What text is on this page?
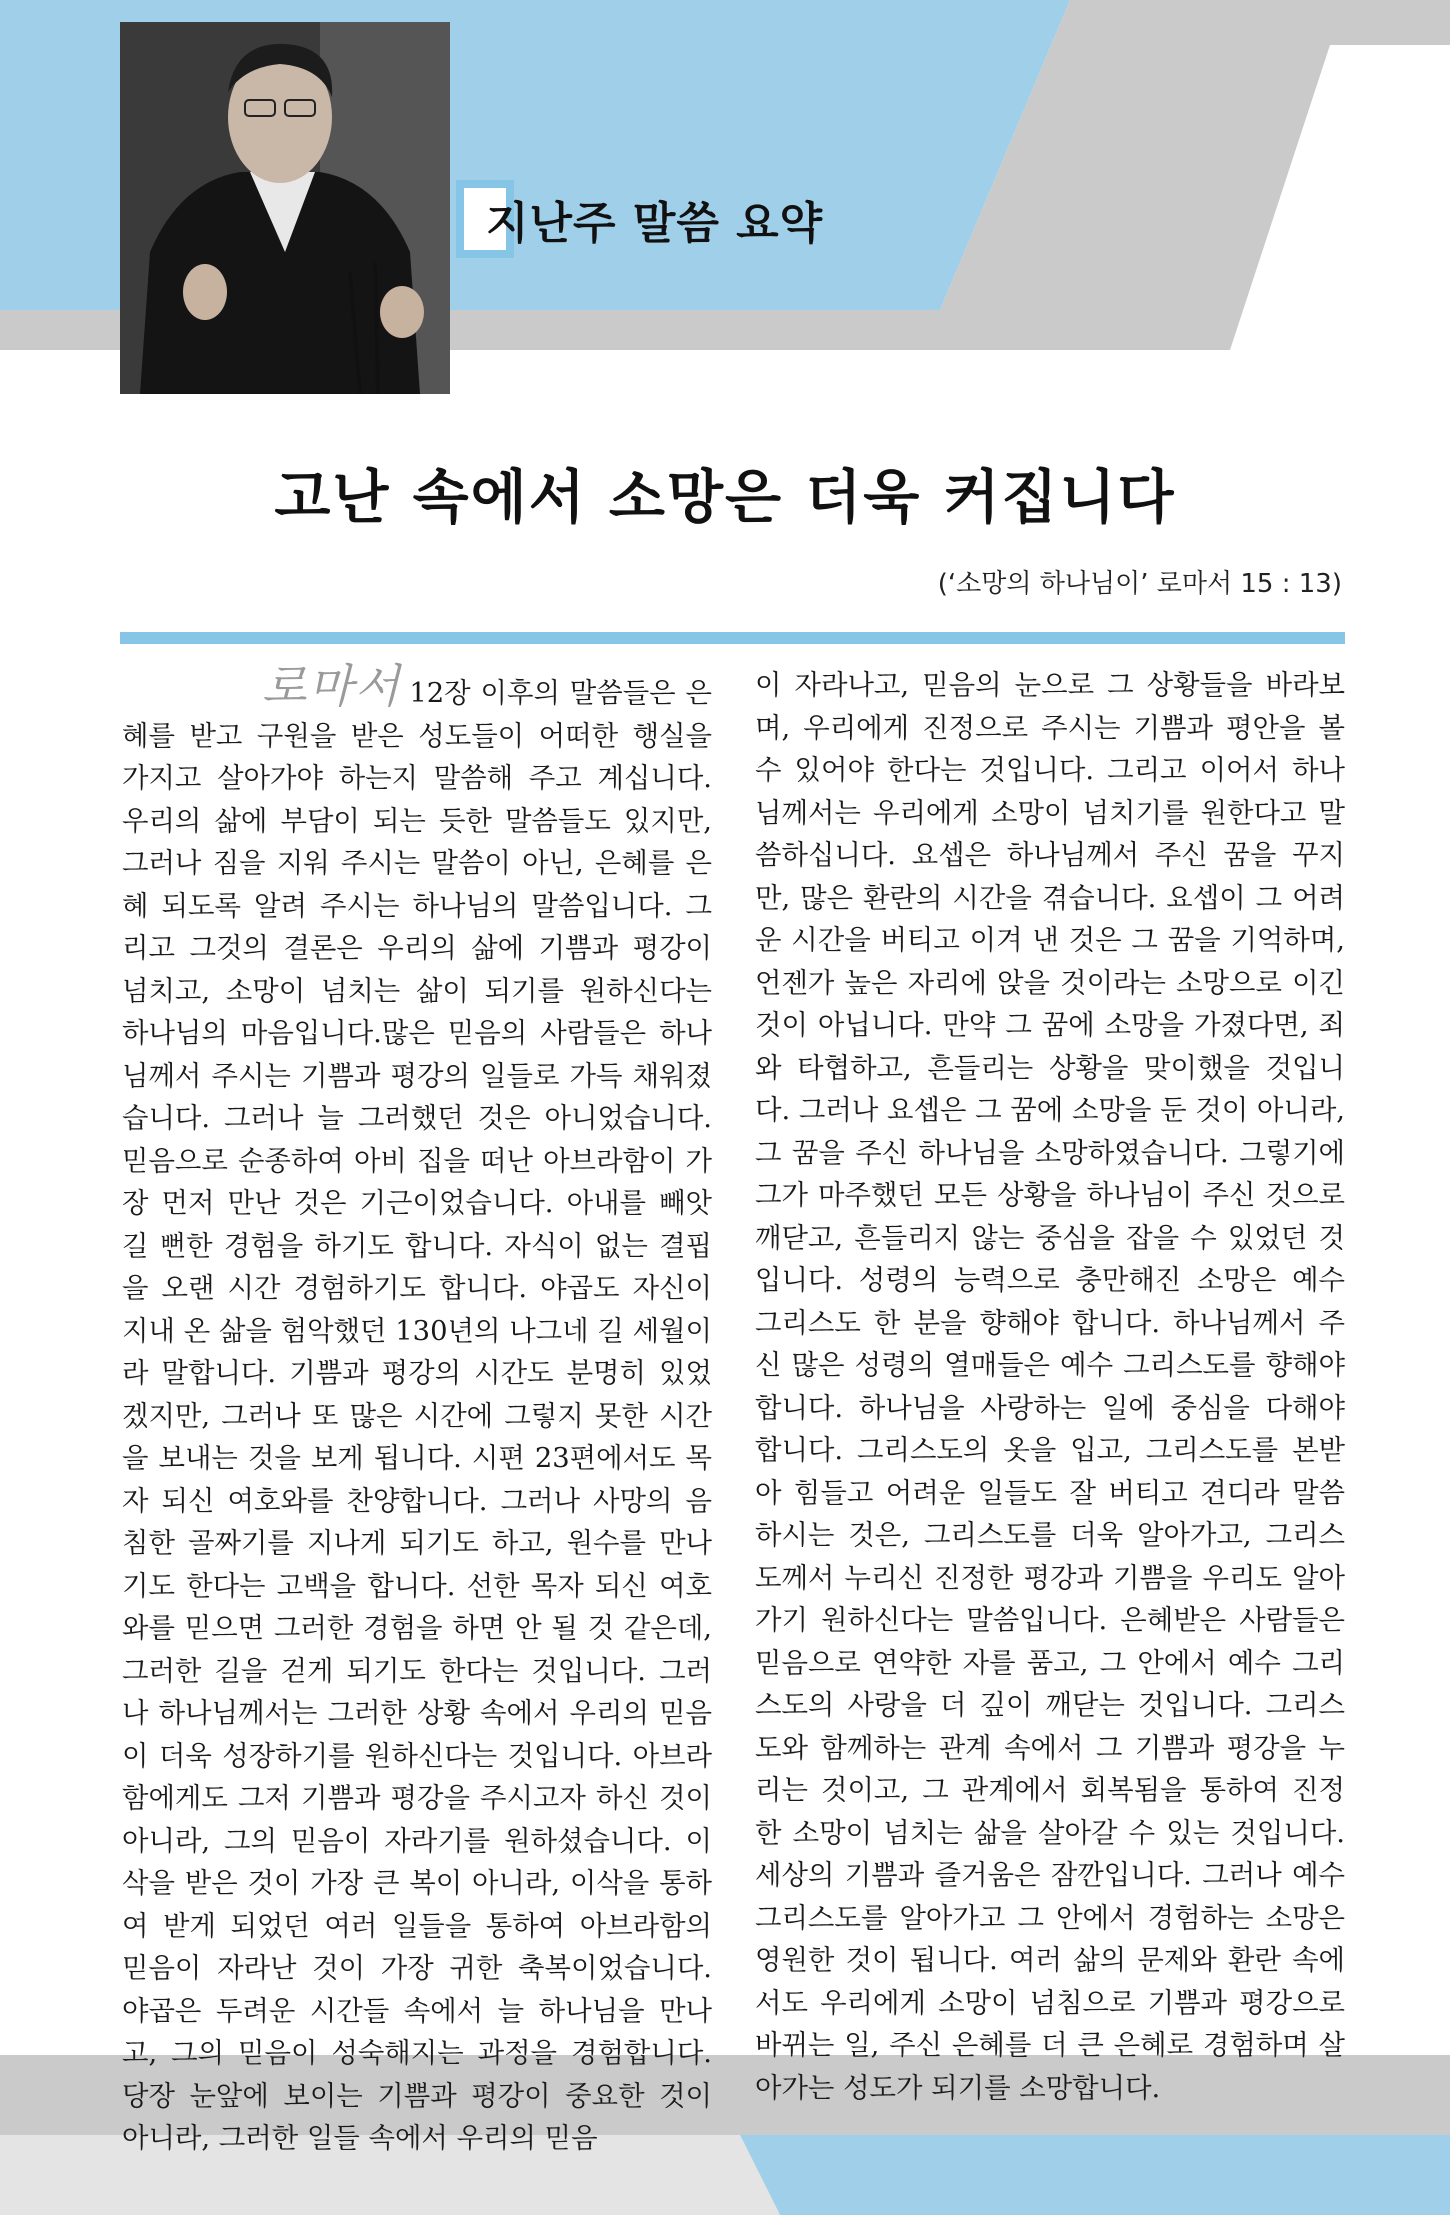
지난주 말씀 요약
고난 속에서 소망은 더욱 커집니다
(‘소망의 하나님이’ 로마서 15 : 13)
로마서 12장 이후의 말씀들은 은혜를 받고 구원을 받은 성도들이 어떠한 행실을 가지고 살아가야 하는지 말씀해 주고 계십니다. 우리의 삶에 부담이 되는 듯한 말씀들도 있지만, 그러나 짐을 지워 주시는 말씀이 아닌, 은혜를 은혜 되도록 알려 주시는 하나님의 말씀입니다. 그리고 그것의 결론은 우리의 삶에 기쁨과 평강이 넘치고, 소망이 넘치는 삶이 되기를 원하신다는 하나님의 마음입니다.많은 믿음의 사람들은 하나님께서 주시는 기쁨과 평강의 일들로 가득 채워졌습니다. 그러나 늘 그러했던 것은 아니었습니다. 믿음으로 순종하여 아비 집을 떠난 아브라함이 가장 먼저 만난 것은 기근이었습니다. 아내를 빼앗길 뻔한 경험을 하기도 합니다. 자식이 없는 결핍을 오랜 시간 경험하기도 합니다. 야곱도 자신이 지내 온 삶을 험악했던 130년의 나그네 길 세월이라 말합니다. 기쁨과 평강의 시간도 분명히 있었겠지만, 그러나 또 많은 시간에 그렇지 못한 시간을 보내는 것을 보게 됩니다. 시편 23편에서도 목자 되신 여호와를 찬양합니다. 그러나 사망의 음침한 골짜기를 지나게 되기도 하고, 원수를 만나기도 한다는 고백을 합니다. 선한 목자 되신 여호와를 믿으면 그러한 경험을 하면 안 될 것 같은데, 그러한 길을 걷게 되기도 한다는 것입니다. 그러나 하나님께서는 그러한 상황 속에서 우리의 믿음이 더욱 성장하기를 원하신다는 것입니다. 아브라함에게도 그저 기쁨과 평강을 주시고자 하신 것이 아니라, 그의 믿음이 자라기를 원하셨습니다. 이삭을 받은 것이 가장 큰 복이 아니라, 이삭을 통하여 받게 되었던 여러 일들을 통하여 아브라함의 믿음이 자라난 것이 가장 귀한 축복이었습니다. 야곱은 두려운 시간들 속에서 늘 하나님을 만나고, 그의 믿음이 성숙해지는 과정을 경험합니다. 당장 눈앞에 보이는 기쁨과 평강이 중요한 것이 아니라, 그러한 일들 속에서 우리의 믿음
이 자라나고, 믿음의 눈으로 그 상황들을 바라보며, 우리에게 진정으로 주시는 기쁨과 평안을 볼 수 있어야 한다는 것입니다. 그리고 이어서 하나님께서는 우리에게 소망이 넘치기를 원한다고 말씀하십니다. 요셉은 하나님께서 주신 꿈을 꾸지만, 많은 환란의 시간을 겪습니다. 요셉이 그 어려운 시간을 버티고 이겨 낸 것은 그 꿈을 기억하며, 언젠가 높은 자리에 앉을 것이라는 소망으로 이긴 것이 아닙니다. 만약 그 꿈에 소망을 가졌다면, 죄와 타협하고, 흔들리는 상황을 맞이했을 것입니다. 그러나 요셉은 그 꿈에 소망을 둔 것이 아니라, 그 꿈을 주신 하나님을 소망하였습니다. 그렇기에 그가 마주했던 모든 상황을 하나님이 주신 것으로 깨닫고, 흔들리지 않는 중심을 잡을 수 있었던 것입니다. 성령의 능력으로 충만해진 소망은 예수 그리스도 한 분을 향해야 합니다. 하나님께서 주신 많은 성령의 열매들은 예수 그리스도를 향해야 합니다. 하나님을 사랑하는 일에 중심을 다해야 합니다. 그리스도의 옷을 입고, 그리스도를 본받아 힘들고 어려운 일들도 잘 버티고 견디라 말씀하시는 것은, 그리스도를 더욱 알아가고, 그리스도께서 누리신 진정한 평강과 기쁨을 우리도 알아 가기 원하신다는 말씀입니다. 은혜받은 사람들은 믿음으로 연약한 자를 품고, 그 안에서 예수 그리스도의 사랑을 더 깊이 깨닫는 것입니다. 그리스도와 함께하는 관계 속에서 그 기쁨과 평강을 누리는 것이고, 그 관계에서 회복됨을 통하여 진정한 소망이 넘치는 삶을 살아갈 수 있는 것입니다. 세상의 기쁨과 즐거움은 잠깐입니다. 그러나 예수 그리스도를 알아가고 그 안에서 경험하는 소망은 영원한 것이 됩니다. 여러 삶의 문제와 환란 속에서도 우리에게 소망이 넘침으로 기쁨과 평강으로 바뀌는 일, 주신 은혜를 더 큰 은혜로 경험하며 살아가는 성도가 되기를 소망합니다.
